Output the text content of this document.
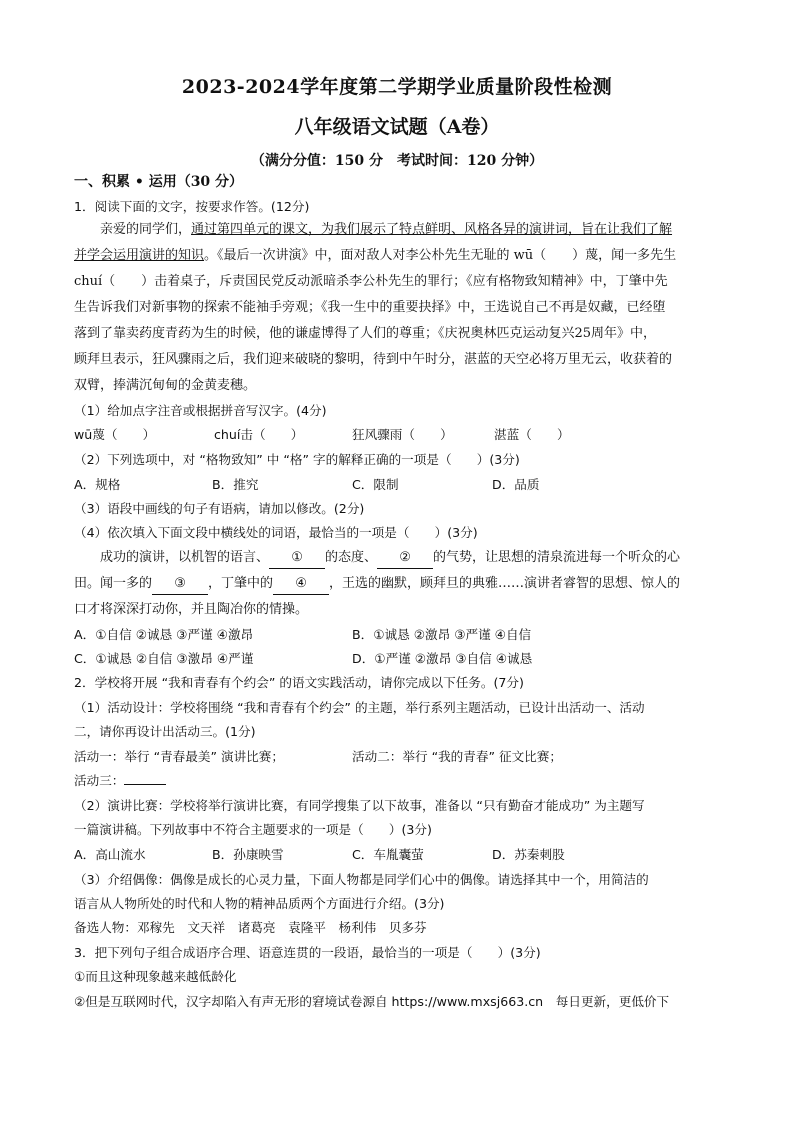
2023-2024学年度第二学期学业质量阶段性检测
八年级语文试题（A卷）
（满分分值：150 分　考试时间：120 分钟）
一、积累 • 运用（30 分）
1．阅读下面的文字，按要求作答。(12分)
亲爱的同学们，通过第四单元的课文，为我们展示了特点鲜明、风格各异的演讲词，旨在让我们了解
并学会运用演讲的知识。《最后一次讲演》中，面对敌人对李公朴先生无耻的 wū（　　）蔑，闻一多先生
chuí（　　）击着桌子，斥责国民党反动派暗杀李公朴先生的罪行；《应有格物致知精神》中，丁肇中先
生告诉我们对新事物的探索不能袖手旁观；《我一生中的重要抉择》中，王选说自己不再是奴藏，已经堕
落到了靠卖药度青药为生的时候，他的谦虚博得了人们的尊重；《庆祝奥林匹克运动复兴25周年》中，
顾拜旦表示，狂风骤雨之后，我们迎来破晓的黎明，待到中午时分，湛蓝的天空必将万里无云，收获着的
双臂，捧满沉甸甸的金黄麦穗。
（1）给加点字注音或根据拼音写汉字。(4分)
wū蔑（　　）	chuí击（　　）	狂风骤雨（　　）	湛蓝（　　）
（2）下列选项中，对 “格物致知” 中 “格” 字的解释正确的一项是（　　）(3分)
A．规格	B．推究	C．限制	D．品质
（3）语段中画线的句子有语病，请加以修改。(2分)
（4）依次填入下面文段中横线处的词语，最恰当的一项是（　　）(3分)
成功的演讲，以机智的语言、 ① 的态度、 ② 的气势，让思想的清泉流进每一个听众的心
田。闻一多的 ③ ，丁肇中的 ④ ，王选的幽默，顾拜旦的典雅……演讲者睿智的思想、惊人的
口才将深深打动你，并且陶冶你的情操。
A．①自信 ②诚恳 ③严谨 ④激昂	B．①诚恳 ②激昂 ③严谨 ④自信
C．①诚恳 ②自信 ③激昂 ④严谨	D．①严谨 ②激昂 ③自信 ④诚恳
2．学校将开展 “我和青春有个约会” 的语文实践活动，请你完成以下任务。(7分)
（1）活动设计：学校将围绕 “我和青春有个约会” 的主题，举行系列主题活动，已设计出活动一、活动
二，请你再设计出活动三。(1分)
活动一：举行 “青春最美” 演讲比赛；	活动二：举行 “我的青春” 征文比赛；
活动三：
（2）演讲比赛：学校将举行演讲比赛，有同学搜集了以下故事，准备以 “只有勤奋才能成功” 为主题写
一篇演讲稿。下列故事中不符合主题要求的一项是（　　）(3分)
A．高山流水	B．孙康映雪	C．车胤囊萤	D．苏秦刺股
（3）介绍偶像：偶像是成长的心灵力量，下面人物都是同学们心中的偶像。请选择其中一个，用简洁的
语言从人物所处的时代和人物的精神品质两个方面进行介绍。(3分)
备选人物：邓稼先　文天祥　诸葛亮　袁隆平　杨利伟　贝多芬
3．把下列句子组合成语序合理、语意连贯的一段语，最恰当的一项是（　　）(3分)
①而且这种现象越来越低龄化
②但是互联网时代，汉字却陷入有声无形的窘境试卷源自 https://www.mxsj663.cn　每日更新，更低价下
